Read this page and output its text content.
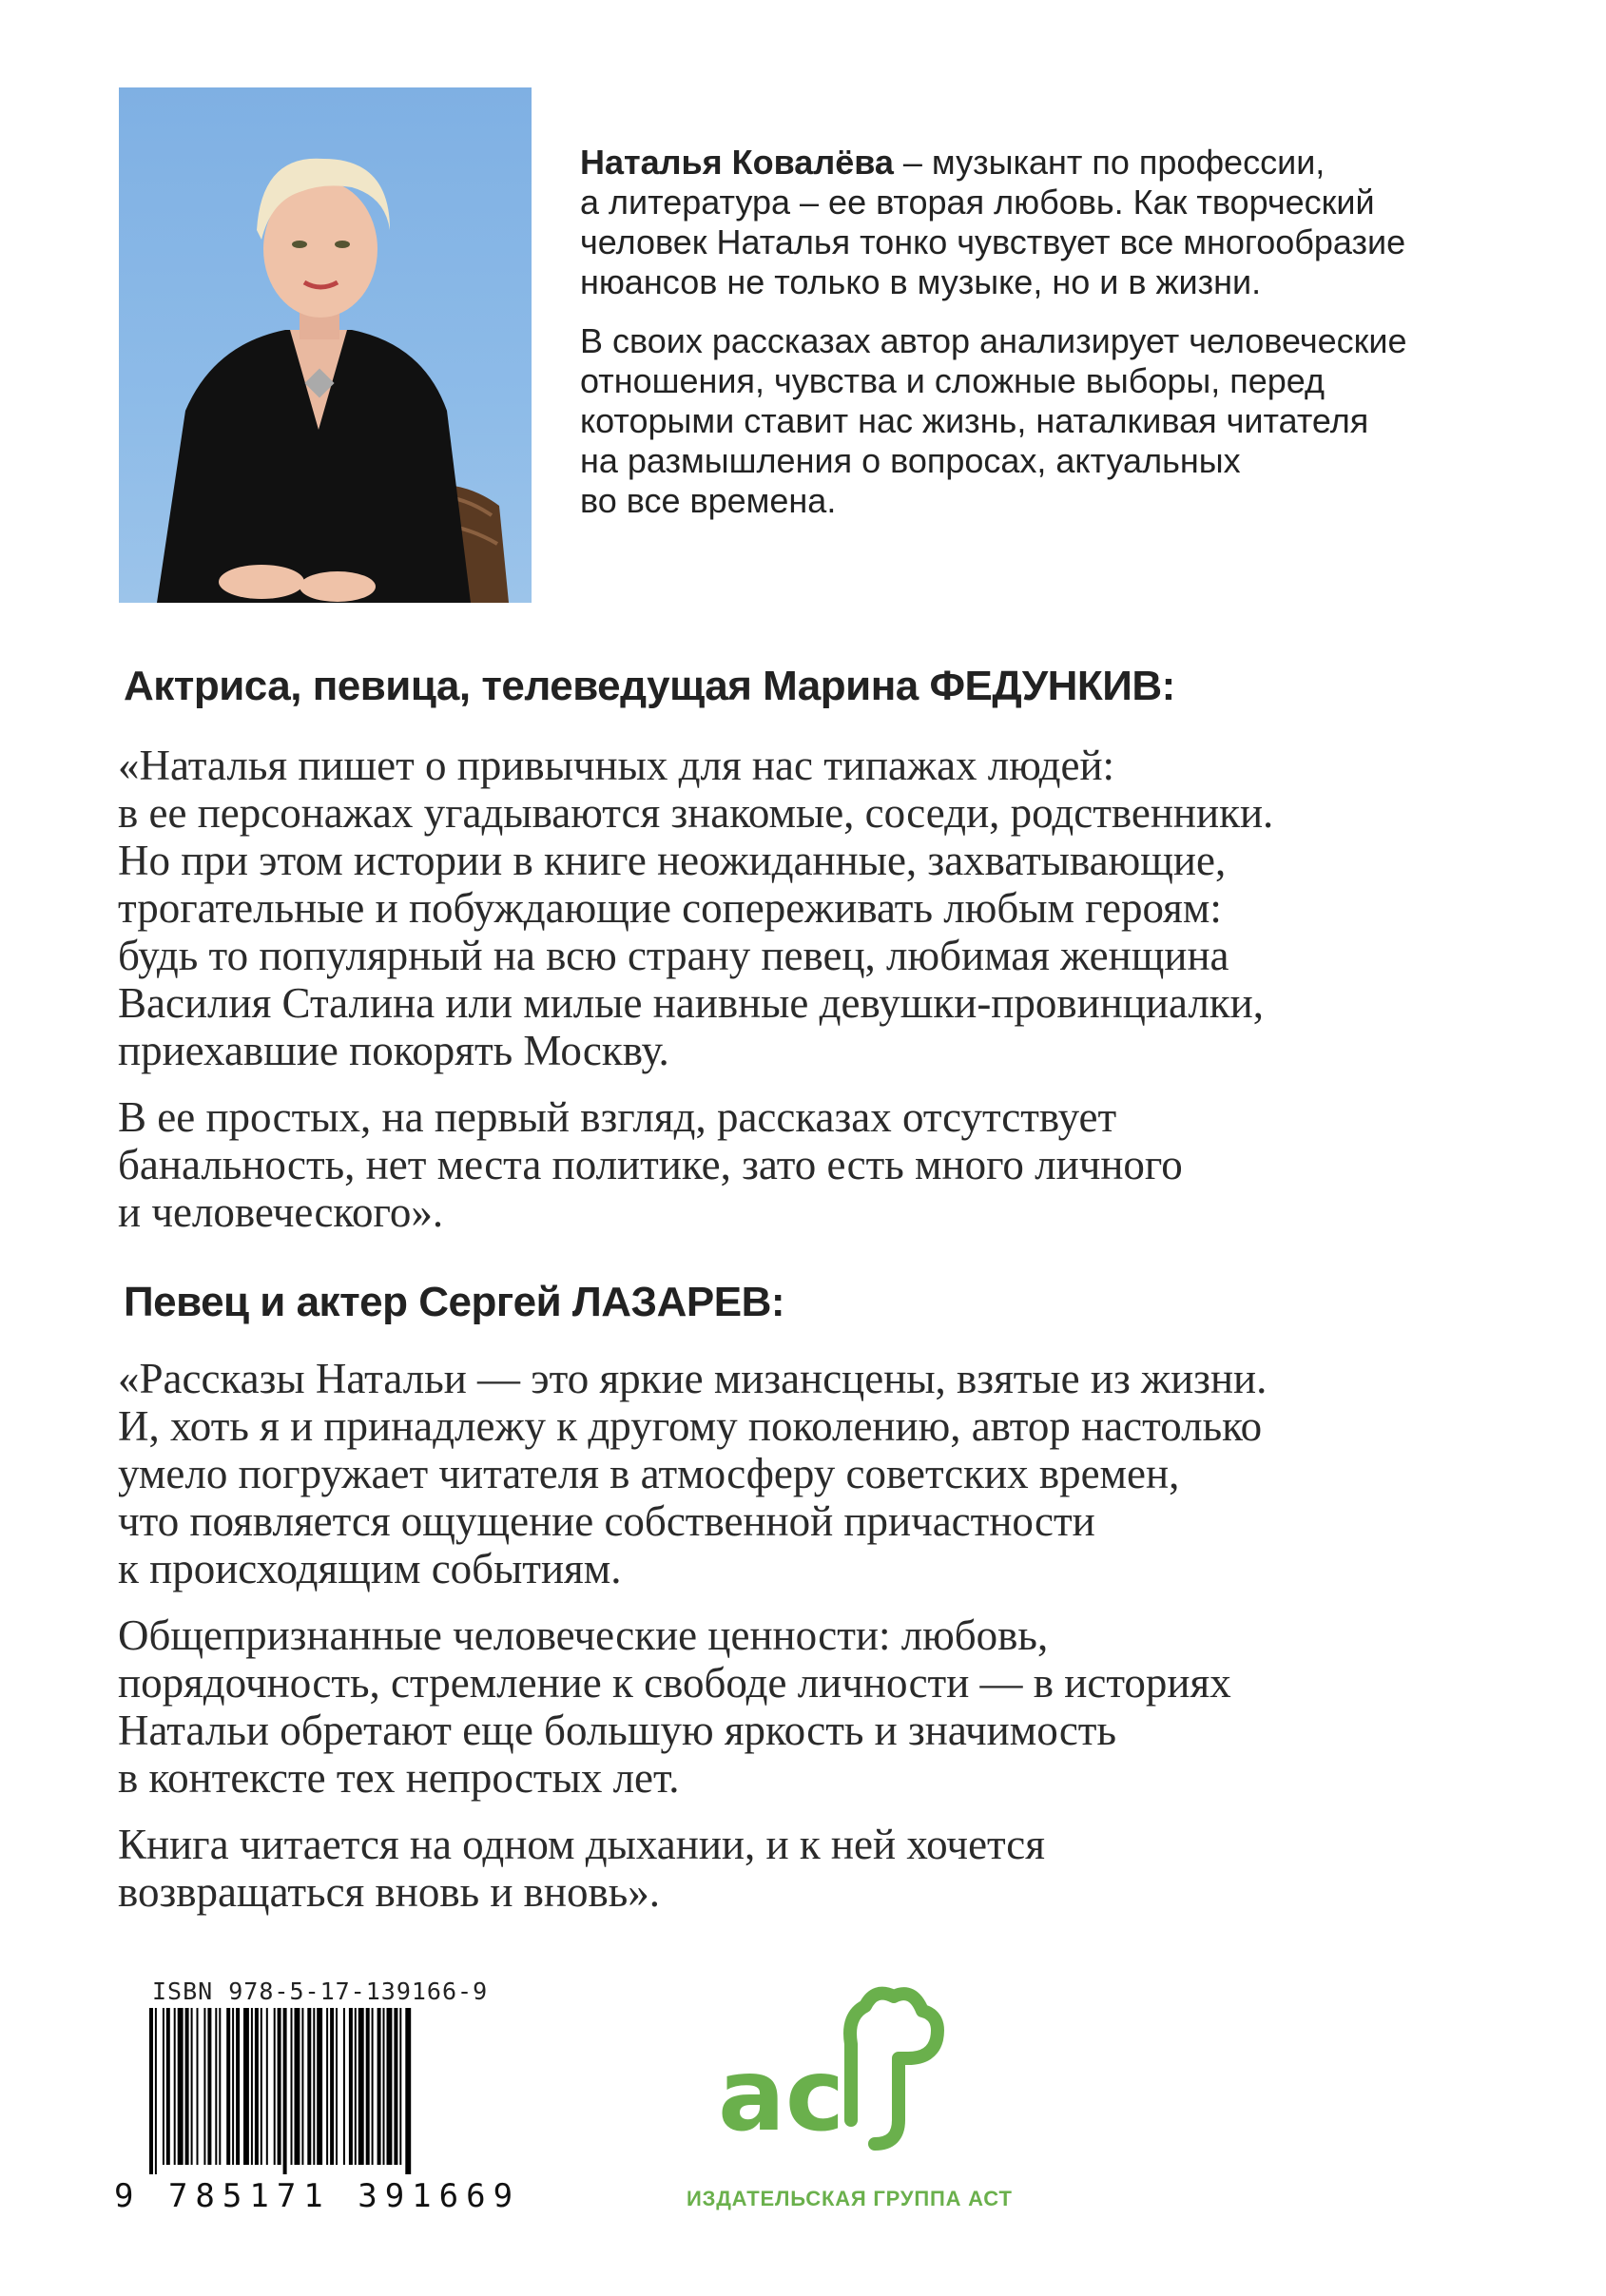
Наталья Ковалёва – музыкант по профессии,
а литература – ее вторая любовь. Как творческий
человек Наталья тонко чувствует все многообразие
нюансов не только в музыке, но и в жизни.

В своих рассказах автор анализирует человеческие
отношения, чувства и сложные выборы, перед
которыми ставит нас жизнь, наталкивая читателя
на размышления о вопросах, актуальных
во все времена.

Актриса, певица, телеведущая Марина ФЕДУНКИВ:

«Наталья пишет о привычных для нас типажах людей:
в ее персонажах угадываются знакомые, соседи, родственники.
Но при этом истории в книге неожиданные, захватывающие,
трогательные и побуждающие сопереживать любым героям:
будь то популярный на всю страну певец, любимая женщина
Василия Сталина или милые наивные девушки-провинциалки,
приехавшие покорять Москву.

В ее простых, на первый взгляд, рассказах отсутствует
банальность, нет места политике, зато есть много личного
и человеческого».

Певец и актер Сергей ЛАЗАРЕВ:

«Рассказы Натальи — это яркие мизансцены, взятые из жизни.
И, хоть я и принадлежу к другому поколению, автор настолько
умело погружает читателя в атмосферу советских времен,
что появляется ощущение собственной причастности
к происходящим событиям.

Общепризнанные человеческие ценности: любовь,
порядочность, стремление к свободе личности — в историях
Натальи обретают еще большую яркость и значимость
в контексте тех непростых лет.

Книга читается на одном дыхании, и к ней хочется
возвращаться вновь и вновь».

ISBN 978-5-17-139166-9
9 785171 391669
ас
ИЗДАТЕЛЬСКАЯ ГРУППА АСТ
